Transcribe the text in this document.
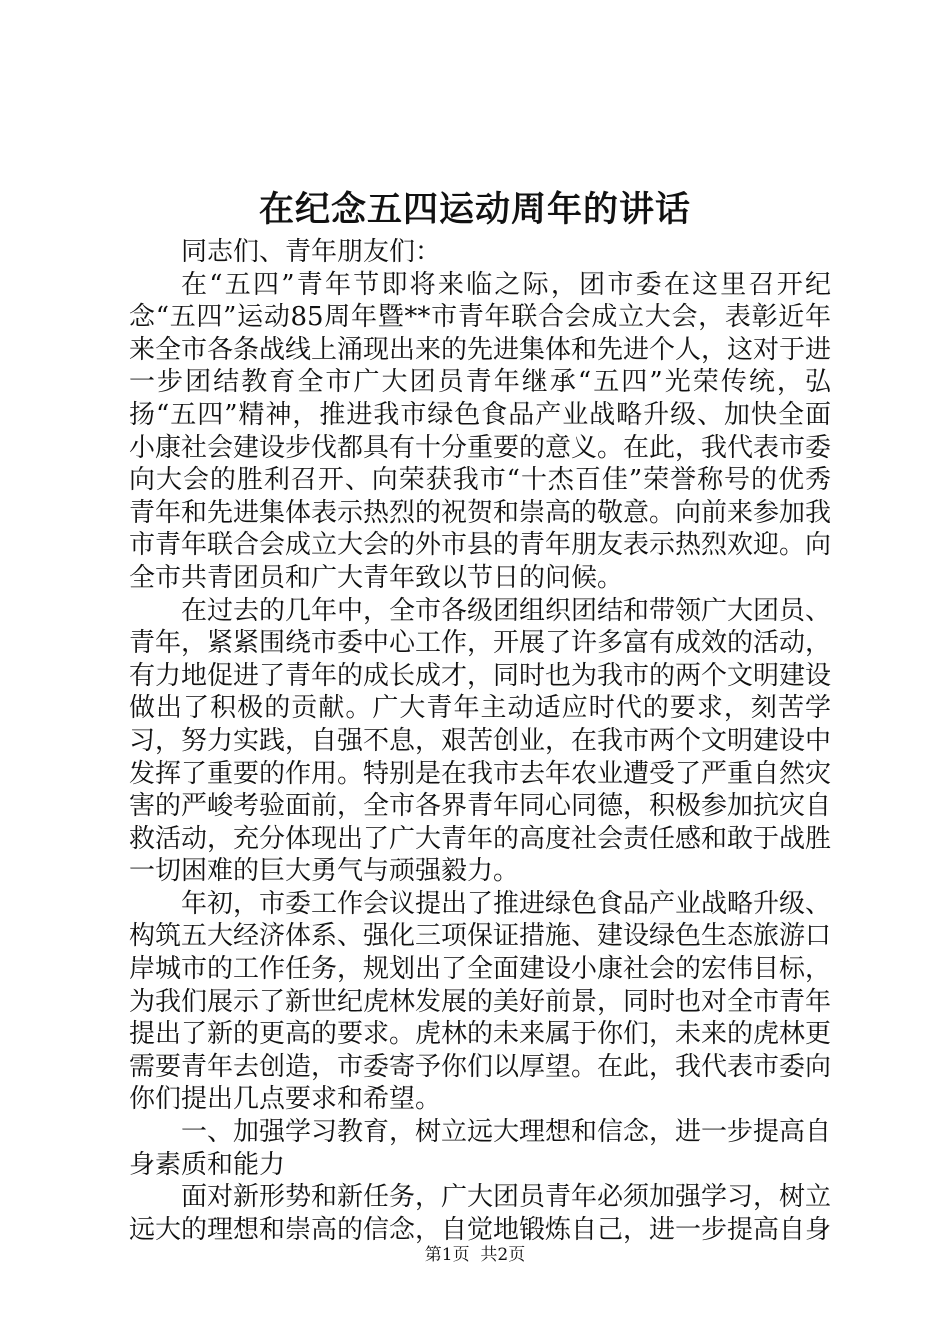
在纪念五四运动周年的讲话

同志们、青年朋友们：

在“五四”青年节即将来临之际，团市委在这里召开纪念“五四”运动85周年暨**市青年联合会成立大会，表彰近年来全市各条战线上涌现出来的先进集体和先进个人，这对于进一步团结教育全市广大团员青年继承“五四”光荣传统，弘扬“五四”精神，推进我市绿色食品产业战略升级、加快全面小康社会建设步伐都具有十分重要的意义。在此，我代表市委向大会的胜利召开、向荣获我市“十杰百佳”荣誉称号的优秀青年和先进集体表示热烈的祝贺和崇高的敬意。向前来参加我市青年联合会成立大会的外市县的青年朋友表示热烈欢迎。向全市共青团员和广大青年致以节日的问候。

在过去的几年中，全市各级团组织团结和带领广大团员、青年，紧紧围绕市委中心工作，开展了许多富有成效的活动，有力地促进了青年的成长成才，同时也为我市的两个文明建设做出了积极的贡献。广大青年主动适应时代的要求，刻苦学习，努力实践，自强不息，艰苦创业，在我市两个文明建设中发挥了重要的作用。特别是在我市去年农业遭受了严重自然灾害的严峻考验面前，全市各界青年同心同德，积极参加抗灾自救活动，充分体现出了广大青年的高度社会责任感和敢于战胜一切困难的巨大勇气与顽强毅力。

年初，市委工作会议提出了推进绿色食品产业战略升级、构筑五大经济体系、强化三项保证措施、建设绿色生态旅游口岸城市的工作任务，规划出了全面建设小康社会的宏伟目标，为我们展示了新世纪虎林发展的美好前景，同时也对全市青年提出了新的更高的要求。虎林的未来属于你们，未来的虎林更需要青年去创造，市委寄予你们以厚望。在此，我代表市委向你们提出几点要求和希望。

一、加强学习教育，树立远大理想和信念，进一步提高自身素质和能力

面对新形势和新任务，广大团员青年必须加强学习，树立远大的理想和崇高的信念，自觉地锻炼自己，进一步提高自身

第1页  共2页
